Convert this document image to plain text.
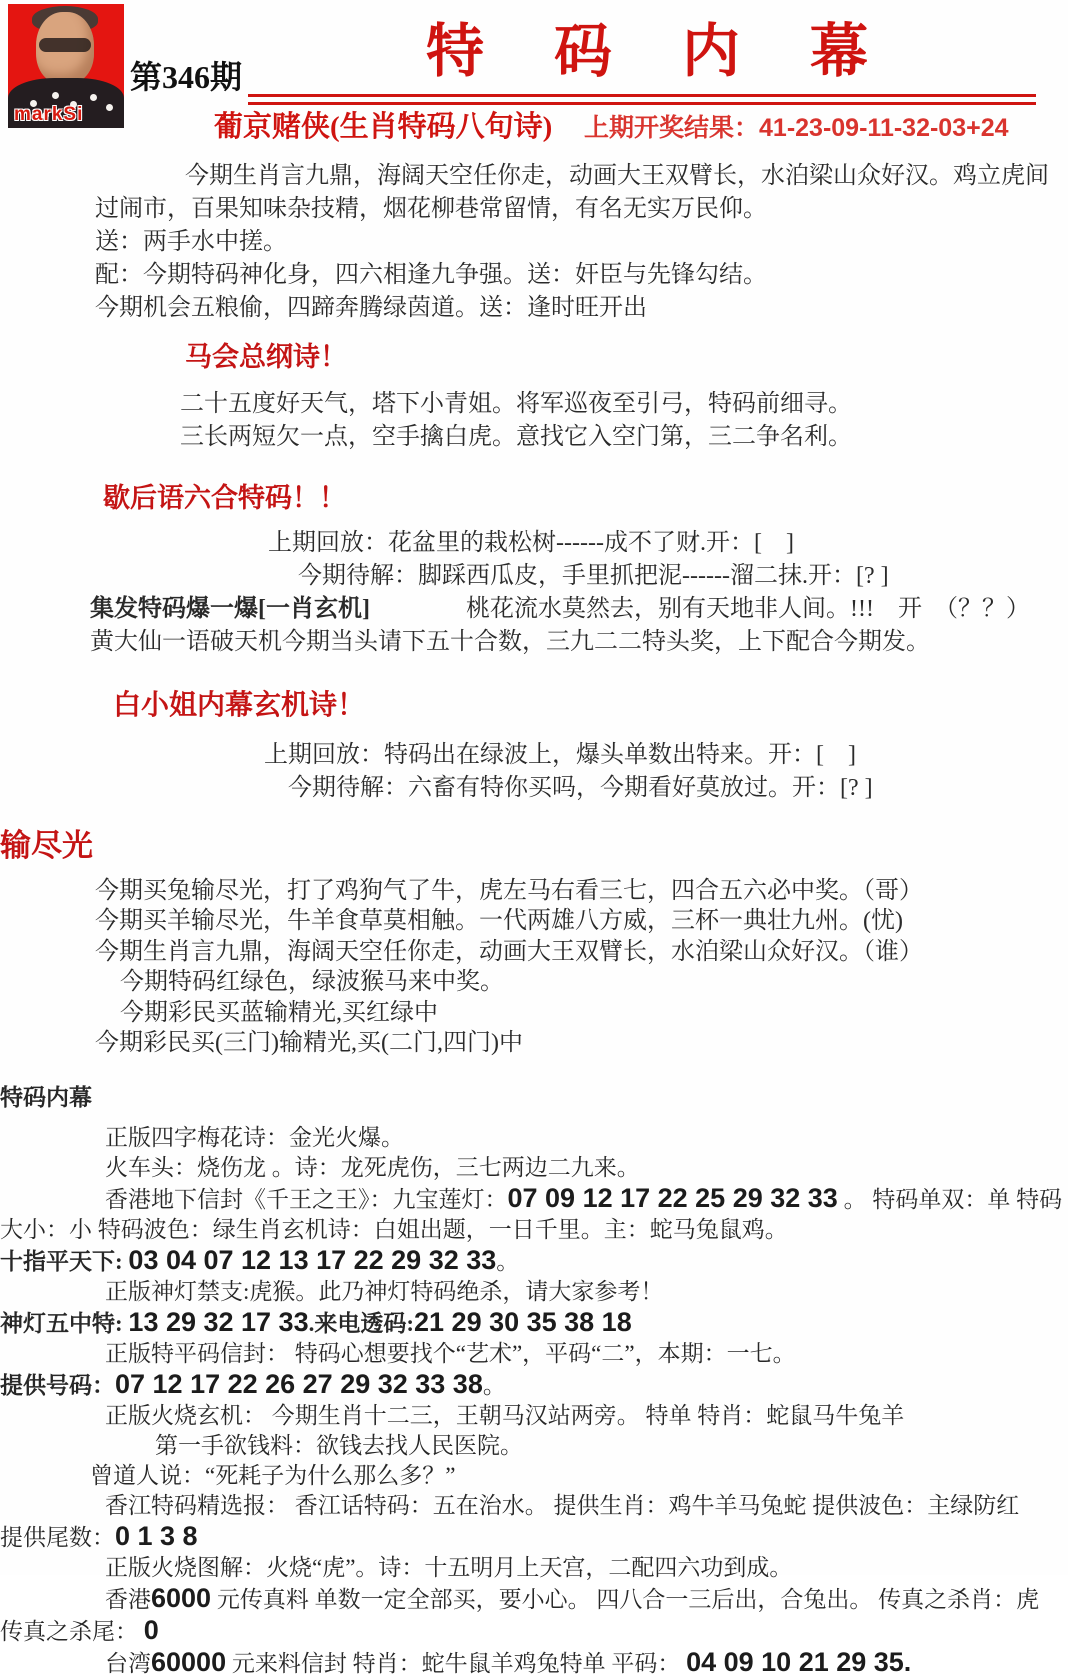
markSi
第346期	特　码　内　幕
葡京赌侠(生肖特码八句诗) 上期开奖结果：41-23-09-11-32-03+24

今期生肖言九鼎，海阔天空任你走，动画大王双臂长，水泊梁山众好汉。鸡立虎间过闹市，百果知味杂技精，烟花柳巷常留情，有名无实万民仰。

送：两手水中搓。

配：今期特码神化身，四六相逢九争强。送：奸臣与先锋勾结。

今期机会五粮偷，四蹄奔腾绿茵道。送：逢时旺开出

马会总纲诗！

二十五度好天气，塔下小青姐。将军巡夜至引弓，特码前细寻。

三长两短欠一点，空手擒白虎。意找它入空门第，三二争名利。

歇后语六合特码！！

上期回放：花盆里的栽松树------成不了财.开：[　]

今期待解：脚踩西瓜皮，手里抓把泥------溜二抹.开：[? ]

集发特码爆一爆[一肖玄机]	桃花流水莫然去，别有天地非人间。!!!　开　（？？）

黄大仙一语破天机今期当头请下五十合数，三九二二特头奖，上下配合今期发。

白小姐内幕玄机诗！

上期回放：特码出在绿波上，爆头单数出特来。开：[　]

今期待解：六畜有特你买吗，今期看好莫放过。开：[? ]

输尽光

今期买兔输尽光，打了鸡狗气了牛，虎左马右看三七，四合五六必中奖。（哥）

今期买羊输尽光，牛羊食草莫相触。一代两雄八方威，三杯一典壮九州。(忧)

今期生肖言九鼎，海阔天空任你走，动画大王双臂长，水泊梁山众好汉。（谁）

今期特码红绿色，绿波猴马来中奖。

今期彩民买蓝输精光,买红绿中

今期彩民买(三门)输精光,买(二门,四门)中

特码内幕

正版四字梅花诗：金光火爆。

火车头：烧伤龙 。诗：龙死虎伤，三七两边二九来。

香港地下信封《千王之王》：九宝莲灯：07 09 12 17 22 25 29 32 33 。 特码单双：单 特码大小：小 特码波色：绿生肖玄机诗：白姐出题，一日千里。主：蛇马兔鼠鸡。

十指平天下: 03 04 07 12 13 17 22 29 32 33。

正版神灯禁支:虎猴。此乃神灯特码绝杀，请大家参考！

神灯五中特: 13 29 32 17 33.来电透码:21 29 30 35 38 18

正版特平码信封： 特码心想要找个“艺术”，平码“二”，本期：一七。

提供号码：07 12 17 22 26 27 29 32 33 38。

正版火烧玄机： 今期生肖十二三，王朝马汉站两旁。 特单 特肖：蛇鼠马牛兔羊

第一手欲钱料：欲钱去找人民医院。

曾道人说：“死耗子为什么那么多？”

香江特码精选报： 香江话特码：五在治水。 提供生肖：鸡牛羊马兔蛇 提供波色：主绿防红

提供尾数：0 1 3 8

正版火烧图解：火烧“虎”。诗：十五明月上天宫，二配四六功到成。

香港6000 元传真料 单数一定全部买，要小心。 四八合一三后出，合兔出。 传真之杀肖：虎

传真之杀尾： 0

台湾60000 元来料信封 特肖：蛇牛鼠羊鸡兔特单 平码： 04 09 10 21 29 35.
